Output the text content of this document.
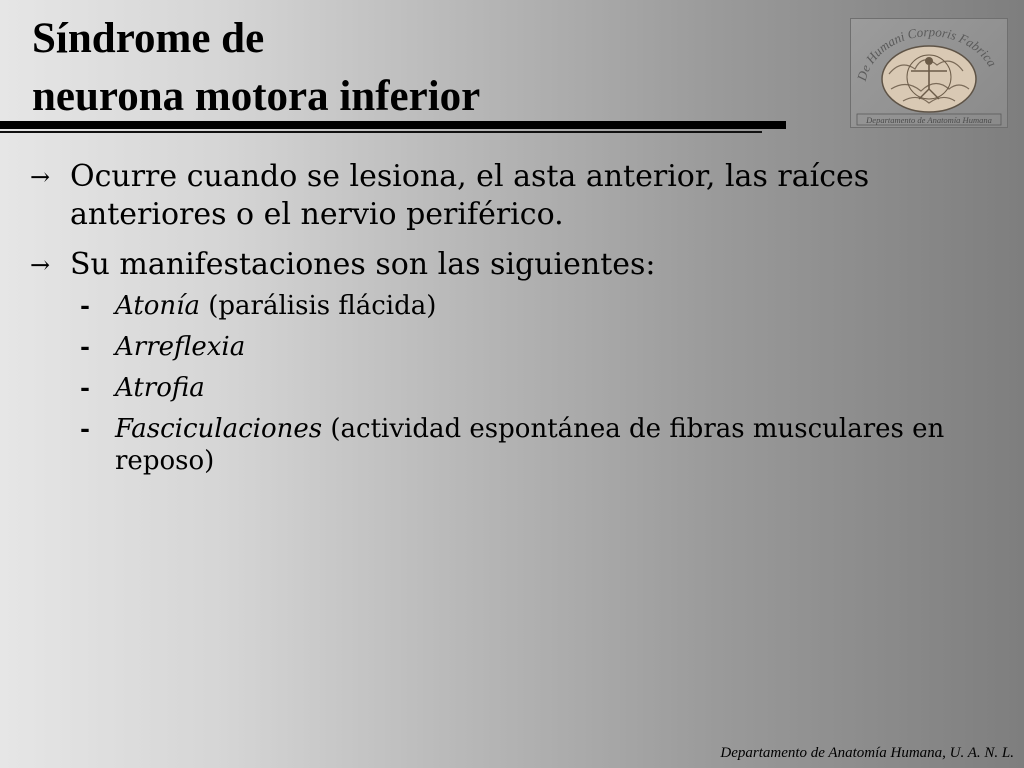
Síndrome de
neurona motora inferior	De Humani Corporis Fabrica
Departamento de Anatomía Humana
→ Ocurre cuando se lesiona, el asta anterior, las raíces anteriores o el nervio periférico.
→ Su manifestaciones son las siguientes:
- Atonía (parálisis flácida)
- Arreflexia
- Atrofia
- Fasciculaciones (actividad espontánea de fibras musculares en reposo)
Departamento de Anatomía Humana, U. A. N. L.
